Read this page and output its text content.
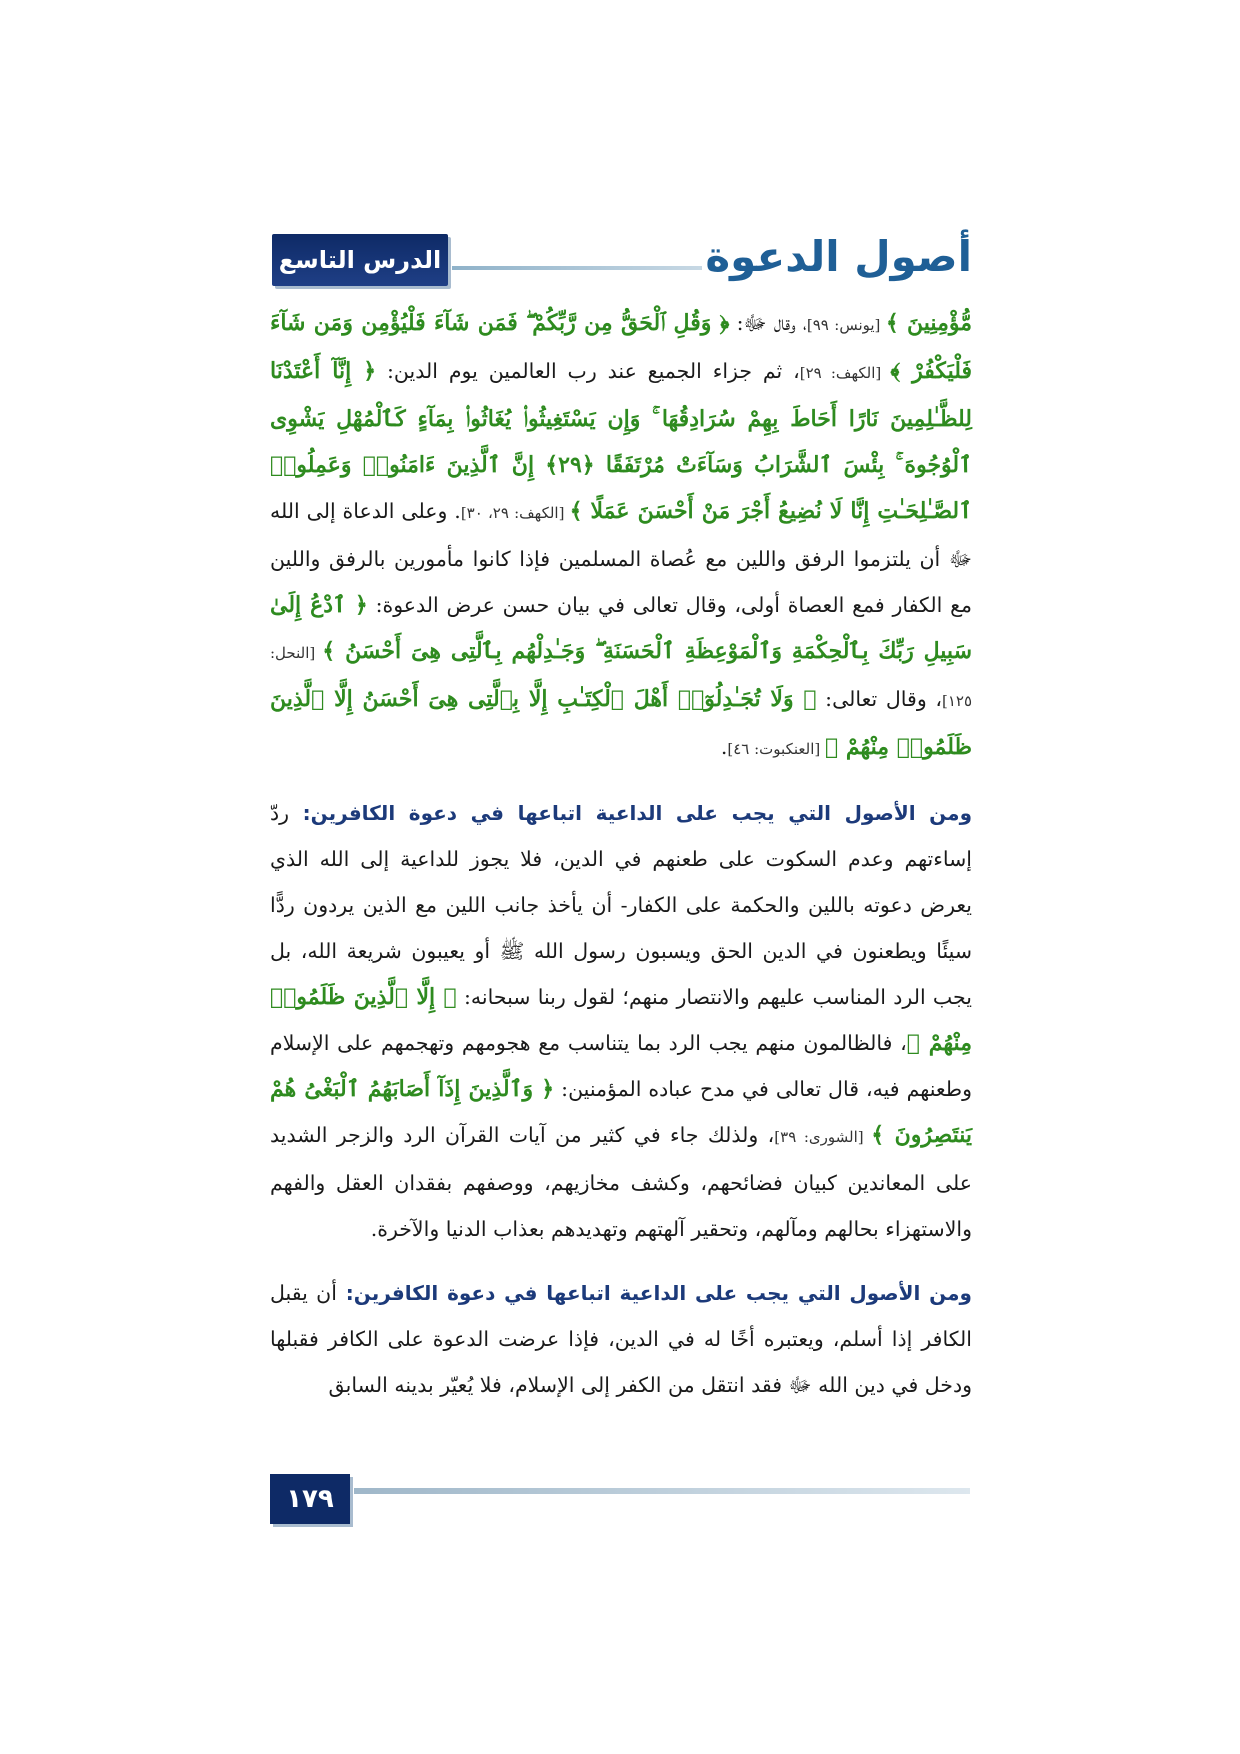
الدرس التاسع	أصول الدعوة

مُّؤْمِنِينَ ﴾ [يونس: ٩٩]، وقال ﷻ: ﴿ وَقُلِ ٱلْحَقُّ مِن رَّبِّكُمْ ۖ فَمَن شَآءَ فَلْيُؤْمِن وَمَن شَآءَ فَلْيَكْفُرْ ﴾ [الكهف: ٢٩]، ثم جزاء الجميع عند رب العالمين يوم الدين: ﴿ إِنَّآ أَعْتَدْنَا لِلظَّـٰلِمِينَ نَارًا أَحَاطَ بِهِمْ سُرَادِقُهَا ۚ وَإِن يَسْتَغِيثُوا۟ يُغَاثُوا۟ بِمَآءٍ كَٱلْمُهْلِ يَشْوِى ٱلْوُجُوهَ ۚ بِئْسَ ٱلشَّرَابُ وَسَآءَتْ مُرْتَفَقًا ﴿٢٩﴾ إِنَّ ٱلَّذِينَ ءَامَنُوا۟ وَعَمِلُوا۟ ٱلصَّـٰلِحَـٰتِ إِنَّا لَا نُضِيعُ أَجْرَ مَنْ أَحْسَنَ عَمَلًا ﴾ [الكهف: ٢٩، ٣٠]. وعلى الدعاة إلى الله ﷻ أن يلتزموا الرفق واللين مع عُصاة المسلمين فإذا كانوا مأمورين بالرفق واللين مع الكفار فمع العصاة أولى، وقال تعالى في بيان حسن عرض الدعوة: ﴿ ٱدْعُ إِلَىٰ سَبِيلِ رَبِّكَ بِٱلْحِكْمَةِ وَٱلْمَوْعِظَةِ ٱلْحَسَنَةِ ۖ وَجَـٰدِلْهُم بِٱلَّتِى هِىَ أَحْسَنُ ﴾ [النحل: ١٢٥]، وقال تعالى: ﴿ وَلَا تُجَـٰدِلُوٓا۟ أَهْلَ ٱلْكِتَـٰبِ إِلَّا بِٱلَّتِى هِىَ أَحْسَنُ إِلَّا ٱلَّذِينَ ظَلَمُوا۟ مِنْهُمْ ﴾ [العنكبوت: ٤٦].

ومن الأصول التي يجب على الداعية اتباعها في دعوة الكافرين: ردّ إساءتهم وعدم السكوت على طعنهم في الدين، فلا يجوز للداعية إلى الله الذي يعرض دعوته باللين والحكمة على الكفار- أن يأخذ جانب اللين مع الذين يردون ردًّا سيئًا ويطعنون في الدين الحق ويسبون رسول الله ﷺ أو يعيبون شريعة الله، بل يجب الرد المناسب عليهم والانتصار منهم؛ لقول ربنا سبحانه: ﴿ إِلَّا ٱلَّذِينَ ظَلَمُوا۟ مِنْهُمْ ﴾، فالظالمون منهم يجب الرد بما يتناسب مع هجومهم وتهجمهم على الإسلام وطعنهم فيه، قال تعالى في مدح عباده المؤمنين: ﴿ وَٱلَّذِينَ إِذَآ أَصَابَهُمُ ٱلْبَغْىُ هُمْ يَنتَصِرُونَ ﴾ [الشورى: ٣٩]، ولذلك جاء في كثير من آيات القرآن الرد والزجر الشديد على المعاندين كبيان فضائحهم، وكشف مخازيهم، ووصفهم بفقدان العقل والفهم والاستهزاء بحالهم ومآلهم، وتحقير آلهتهم وتهديدهم بعذاب الدنيا والآخرة.

ومن الأصول التي يجب على الداعية اتباعها في دعوة الكافرين: أن يقبل الكافر إذا أسلم، ويعتبره أخًا له في الدين، فإذا عرضت الدعوة على الكافر فقبلها ودخل في دين الله ﷻ فقد انتقل من الكفر إلى الإسلام، فلا يُعيّر بدينه السابق

١٧٩
